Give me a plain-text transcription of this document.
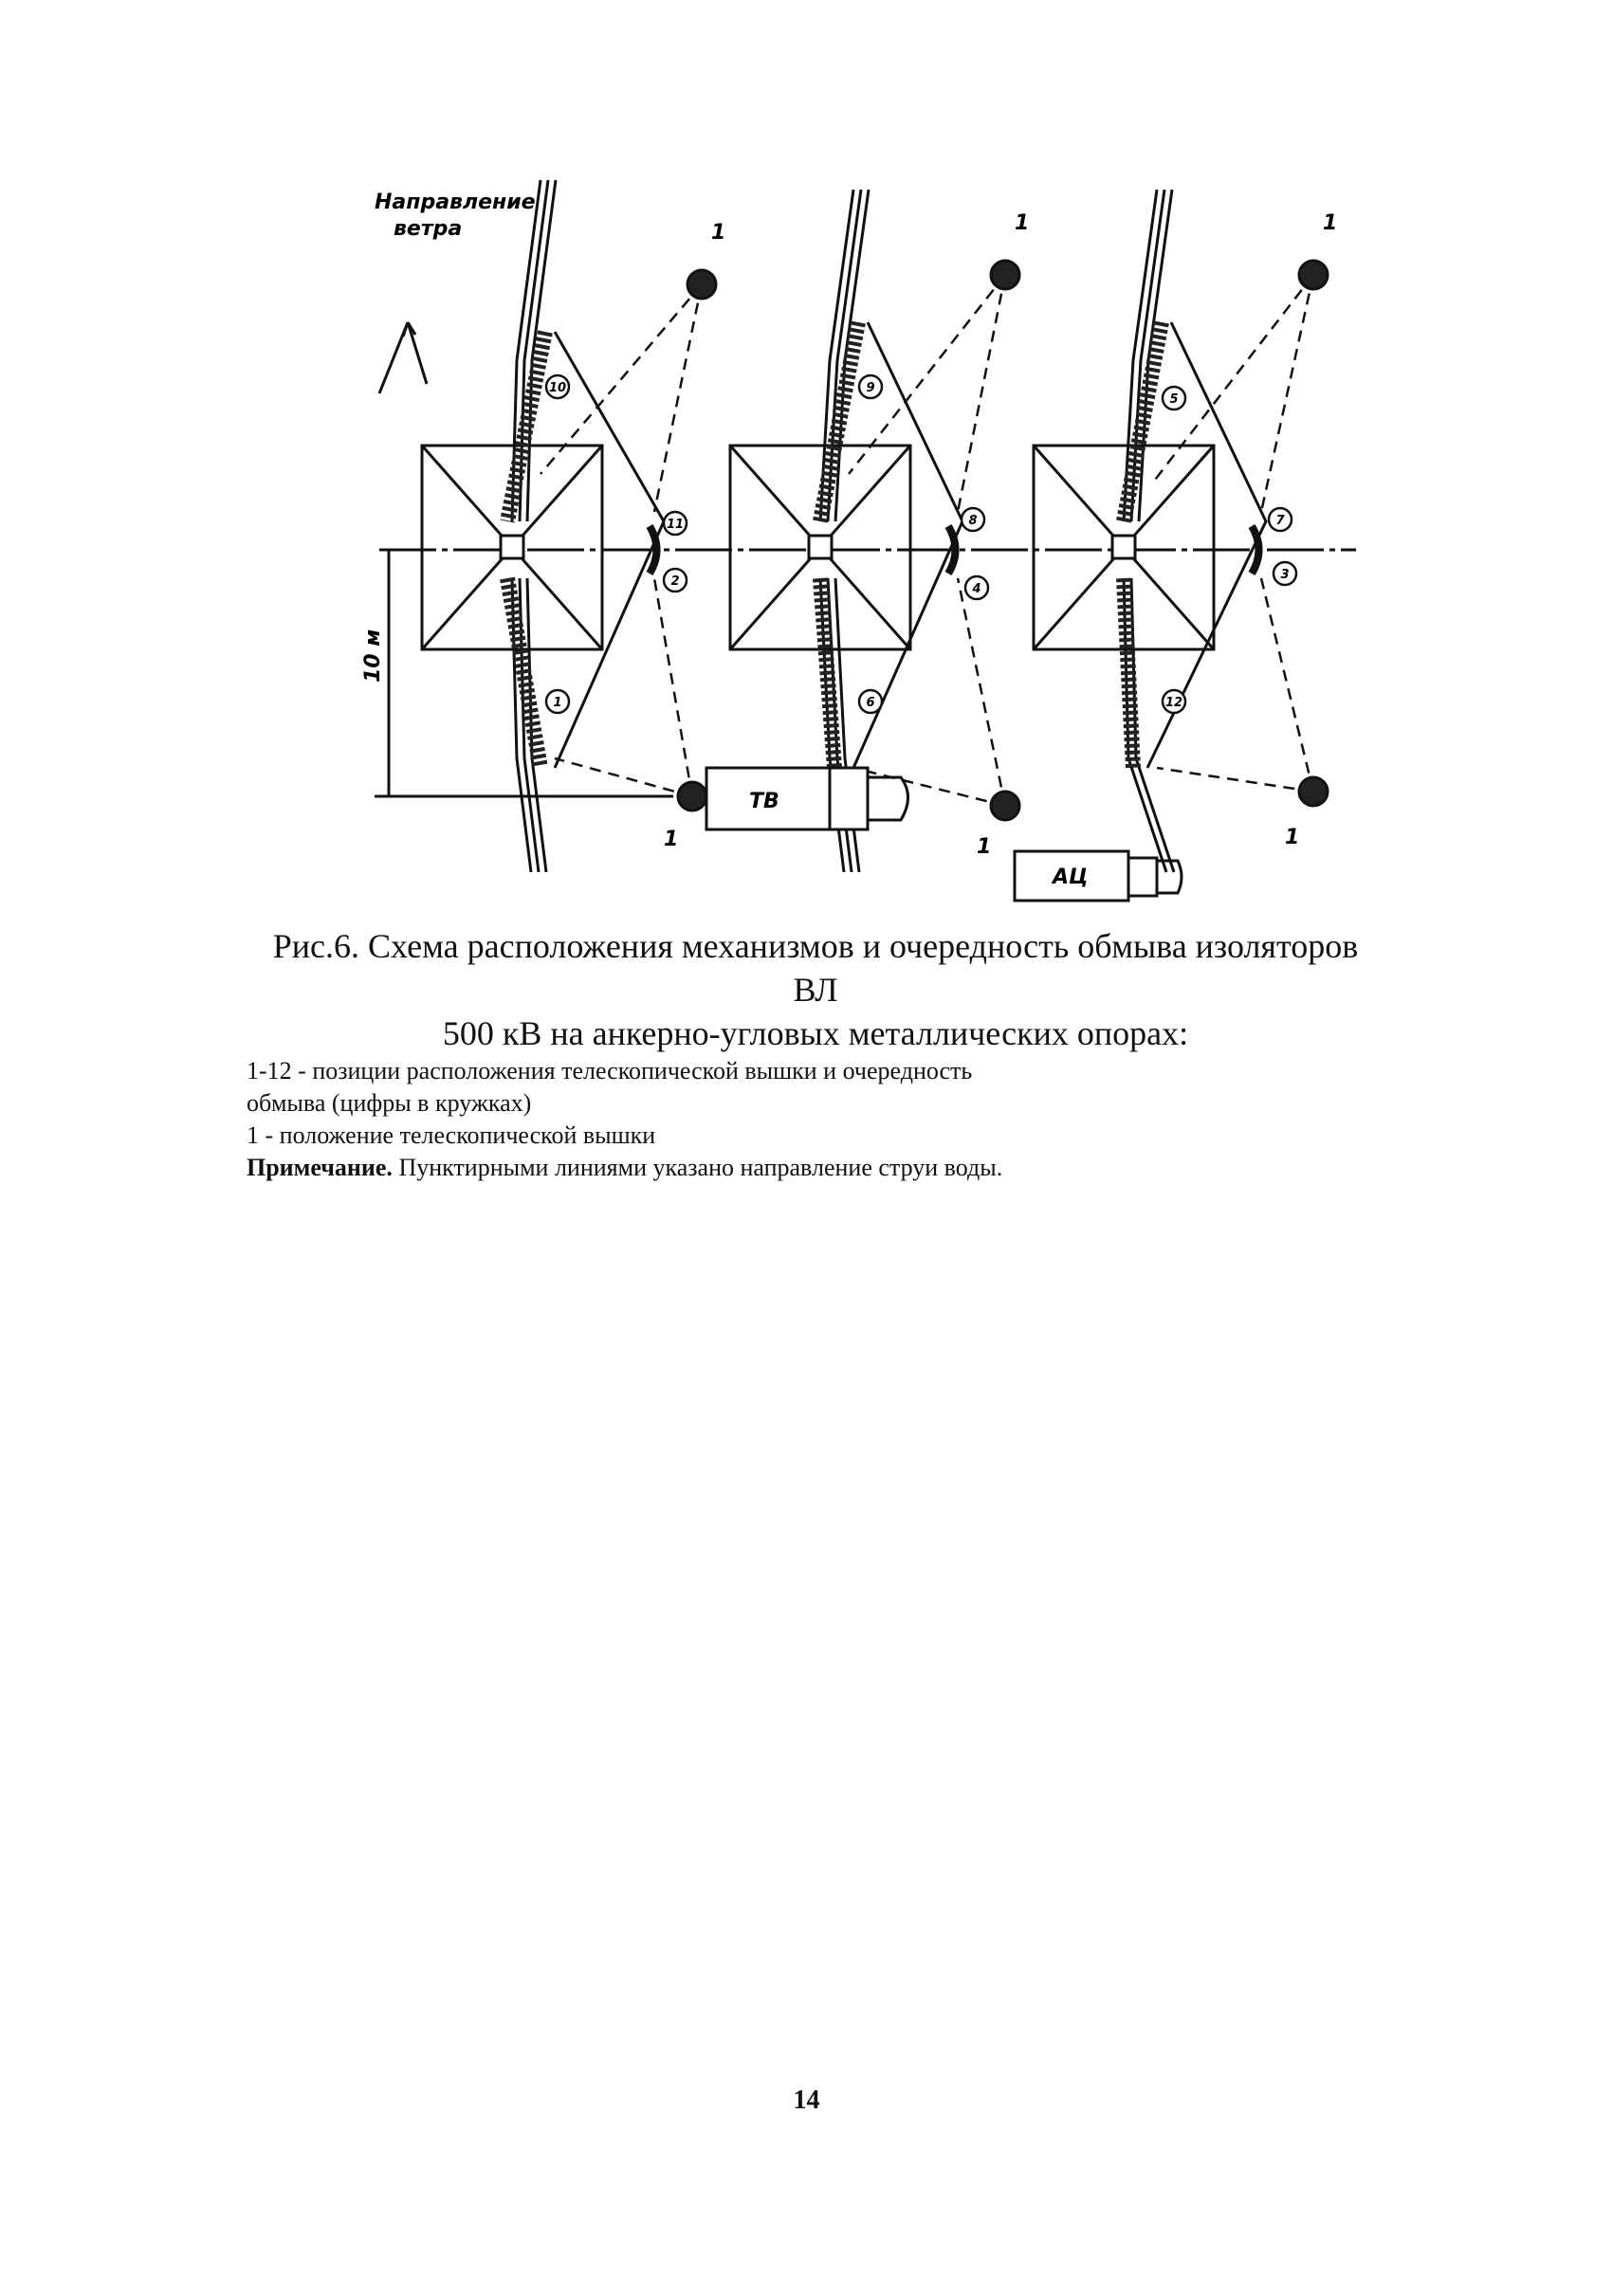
Направление
ветра
10 м
ТВ
АЦ
1
1
1
1
1
1
10
11
2
1
9
8
4
6
5
7
3
12

Рис.6. Схема расположения механизмов и очередность обмыва изоляторов ВЛ

500 кВ на анкерно-угловых металлических опорах:

1-12 - позиции расположения телескопической вышки и очередность

обмыва (цифры в кружках)

1 - положение телескопической вышки

Примечание. Пунктирными линиями указано направление струи воды.

14
